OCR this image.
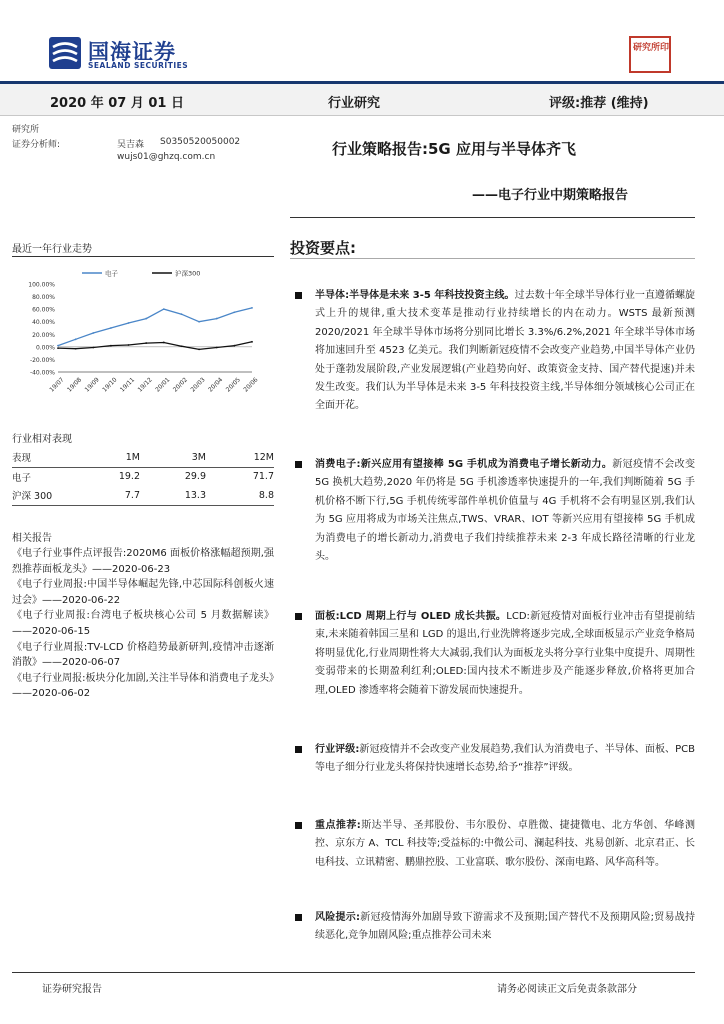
国海证券
SEALAND SECURITIES
研究所印
2020 年 07 月 01 日	行业研究	评级:推荐 (维持)
研究所
证券分析师:	吴吉森 S0350520050002
wujs01@ghzq.com.cn	行业策略报告:5G 应用与半导体齐飞
——电子行业中期策略报告
最近一年行业走势
100.00%
80.00%
60.00%
40.00%
20.00%
0.00%
-20.00%
-40.00%
19/07 19/08 19/09 19/10 19/11 19/12 20/01 20/02 20/03 20/04 20/05 20/06
电子	沪深300
行业相对表现
表现	1M	3M	12M
电子	19.2	29.9	71.7
沪深 300	7.7	13.3	8.8
相关报告
《电子行业事件点评报告:2020M6 面板价格涨幅超预期,强烈推荐面板龙头》——2020-06-23
《电子行业周报:中国半导体崛起先锋,中芯国际科创板火速过会》——2020-06-22
《电子行业周报:台湾电子板块核心公司 5 月数据解读》——2020-06-15
《电子行业周报:TV-LCD 价格趋势最新研判,疫情冲击逐渐消散》——2020-06-07
《电子行业周报:板块分化加剧,关注半导体和消费电子龙头》——2020-06-02
投资要点:
半导体:半导体是未来 3-5 年科技投资主线。过去数十年全球半导体行业一直遵循螺旋式上升的规律,重大技术变革是推动行业持续增长的内在动力。WSTS 最新预测 2020/2021 年全球半导体市场将分别同比增长 3.3%/6.2%,2021 年全球半导体市场将加速回升至 4523 亿美元。我们判断新冠疫情不会改变产业趋势,中国半导体产业仍处于蓬勃发展阶段,产业发展逻辑(产业趋势向好、政策资金支持、国产替代提速)并未发生改变。我们认为半导体是未来 3-5 年科技投资主线,半导体细分领域核心公司正在全面开花。
消费电子:新兴应用有望接棒 5G 手机成为消费电子增长新动力。新冠疫情不会改变 5G 换机大趋势,2020 年仍将是 5G 手机渗透率快速提升的一年,我们判断随着 5G 手机价格不断下行,5G 手机传统零部件单机价值量与 4G 手机将不会有明显区别,我们认为 5G 应用将成为市场关注焦点,TWS、VRAR、IOT 等新兴应用有望接棒 5G 手机成为消费电子的增长新动力,消费电子我们持续推荐未来 2-3 年成长路径清晰的行业龙头。
面板:LCD 周期上行与 OLED 成长共振。LCD:新冠疫情对面板行业冲击有望提前结束,未来随着韩国三星和 LGD 的退出,行业洗牌将逐步完成,全球面板显示产业竞争格局将明显优化,行业周期性将大大减弱,我们认为面板龙头将分享行业集中度提升、周期性变弱带来的长期盈利红利;OLED:国内技术不断进步及产能逐步释放,价格将更加合理,OLED 渗透率将会随着下游发展而快速提升。
行业评级:新冠疫情并不会改变产业发展趋势,我们认为消费电子、半导体、面板、PCB 等电子细分行业龙头将保持快速增长态势,给予“推荐”评级。
重点推荐:斯达半导、圣邦股份、韦尔股份、卓胜微、捷捷微电、北方华创、华峰测控、京东方 A、TCL 科技等;受益标的:中微公司、澜起科技、兆易创新、北京君正、长电科技、立讯精密、鹏鼎控股、工业富联、歌尔股份、深南电路、风华高科等。
风险提示:新冠疫情海外加剧导致下游需求不及预期;国产替代不及预期风险;贸易战持续恶化,竞争加剧风险;重点推荐公司未来
证券研究报告	请务必阅读正文后免责条款部分
